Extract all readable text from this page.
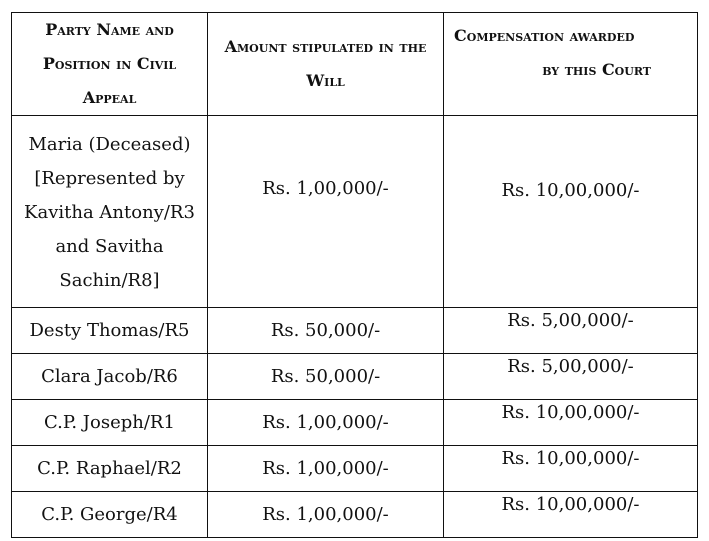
Party Name and Position in Civil Appeal	Amount stipulated in the Will	Compensation awarded
by this Court

Maria (Deceased) [Represented by Kavitha Antony/R3 and Savitha Sachin/R8]	Rs. 1,00,000/-	Rs. 10,00,000/-
Desty Thomas/R5	Rs. 50,000/-	Rs. 5,00,000/-
Clara Jacob/R6	Rs. 50,000/-	Rs. 5,00,000/-
C.P. Joseph/R1	Rs. 1,00,000/-	Rs. 10,00,000/-
C.P. Raphael/R2	Rs. 1,00,000/-	Rs. 10,00,000/-
C.P. George/R4	Rs. 1,00,000/-	Rs. 10,00,000/-
